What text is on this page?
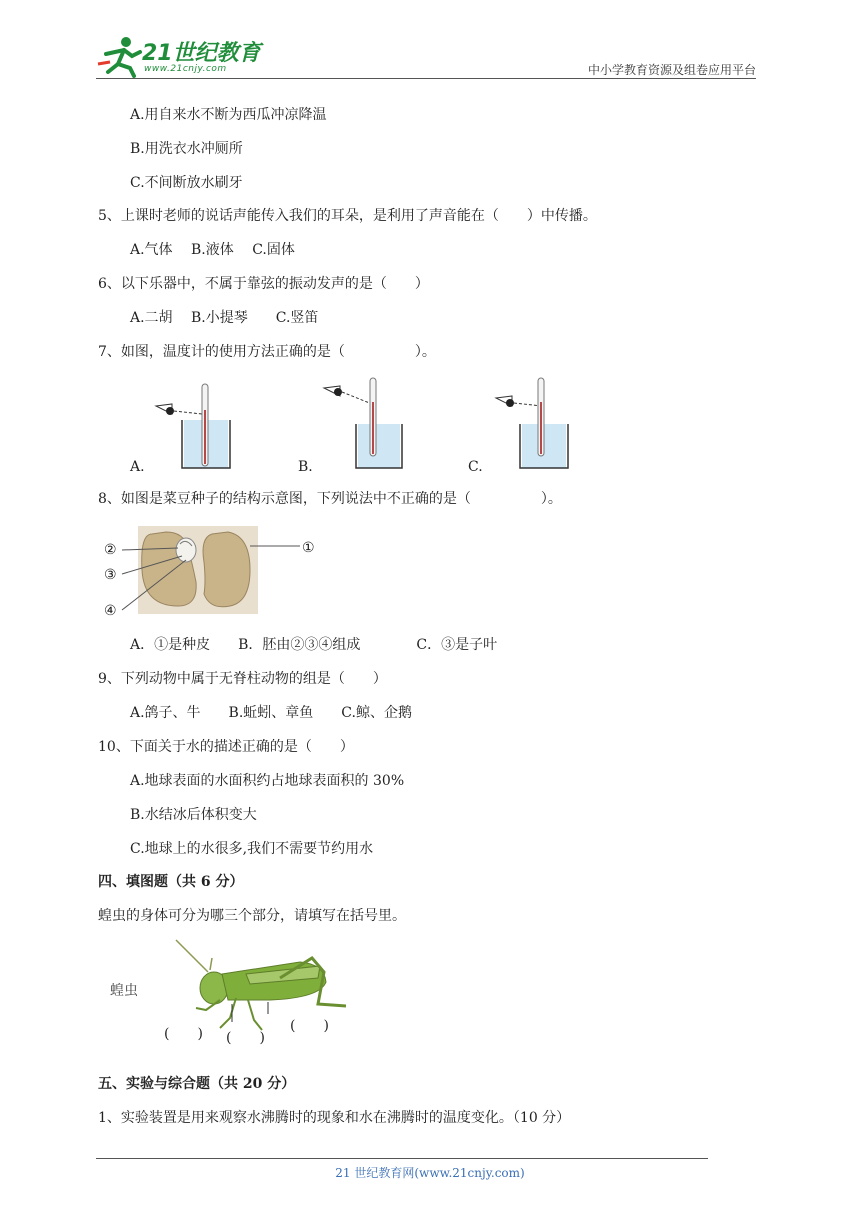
21世纪教育
www.21cnjy.com	中小学教育资源及组卷应用平台
A.用自来水不断为西瓜冲凉降温
B.用洗衣水冲厕所
C.不间断放水刷牙
5、上课时老师的说话声能传入我们的耳朵，是利用了声音能在（　　）中传播。
A.气体　 B.液体　 C.固体
6、以下乐器中，不属于靠弦的振动发声的是（　　）
A.二胡　 B.小提琴　　C.竖笛
7、如图，温度计的使用方法正确的是（　　　　　）。
A.	B.	C.
8、如图是菜豆种子的结构示意图，下列说法中不正确的是（　　　　　）。
①
②
③
④
A．①是种皮　　B．胚由②③④组成　　　　C．③是子叶
9、下列动物中属于无脊柱动物的组是（　　）
A.鸽子、牛　　B.蚯蚓、章鱼　　C.鲸、企鹅
10、下面关于水的描述正确的是（　　）
A.地球表面的水面积约占地球表面积的 30%
B.水结冰后体积变大
C.地球上的水很多,我们不需要节约用水
四、填图题（共 6 分）
蝗虫的身体可分为哪三个部分，请填写在括号里。
蝗虫
(　　) (　　)
(　　)
五、实验与综合题（共 20 分）
1、实验装置是用来观察水沸腾时的现象和水在沸腾时的温度变化。（10 分）
21 世纪教育网(www.21cnjy.com)
